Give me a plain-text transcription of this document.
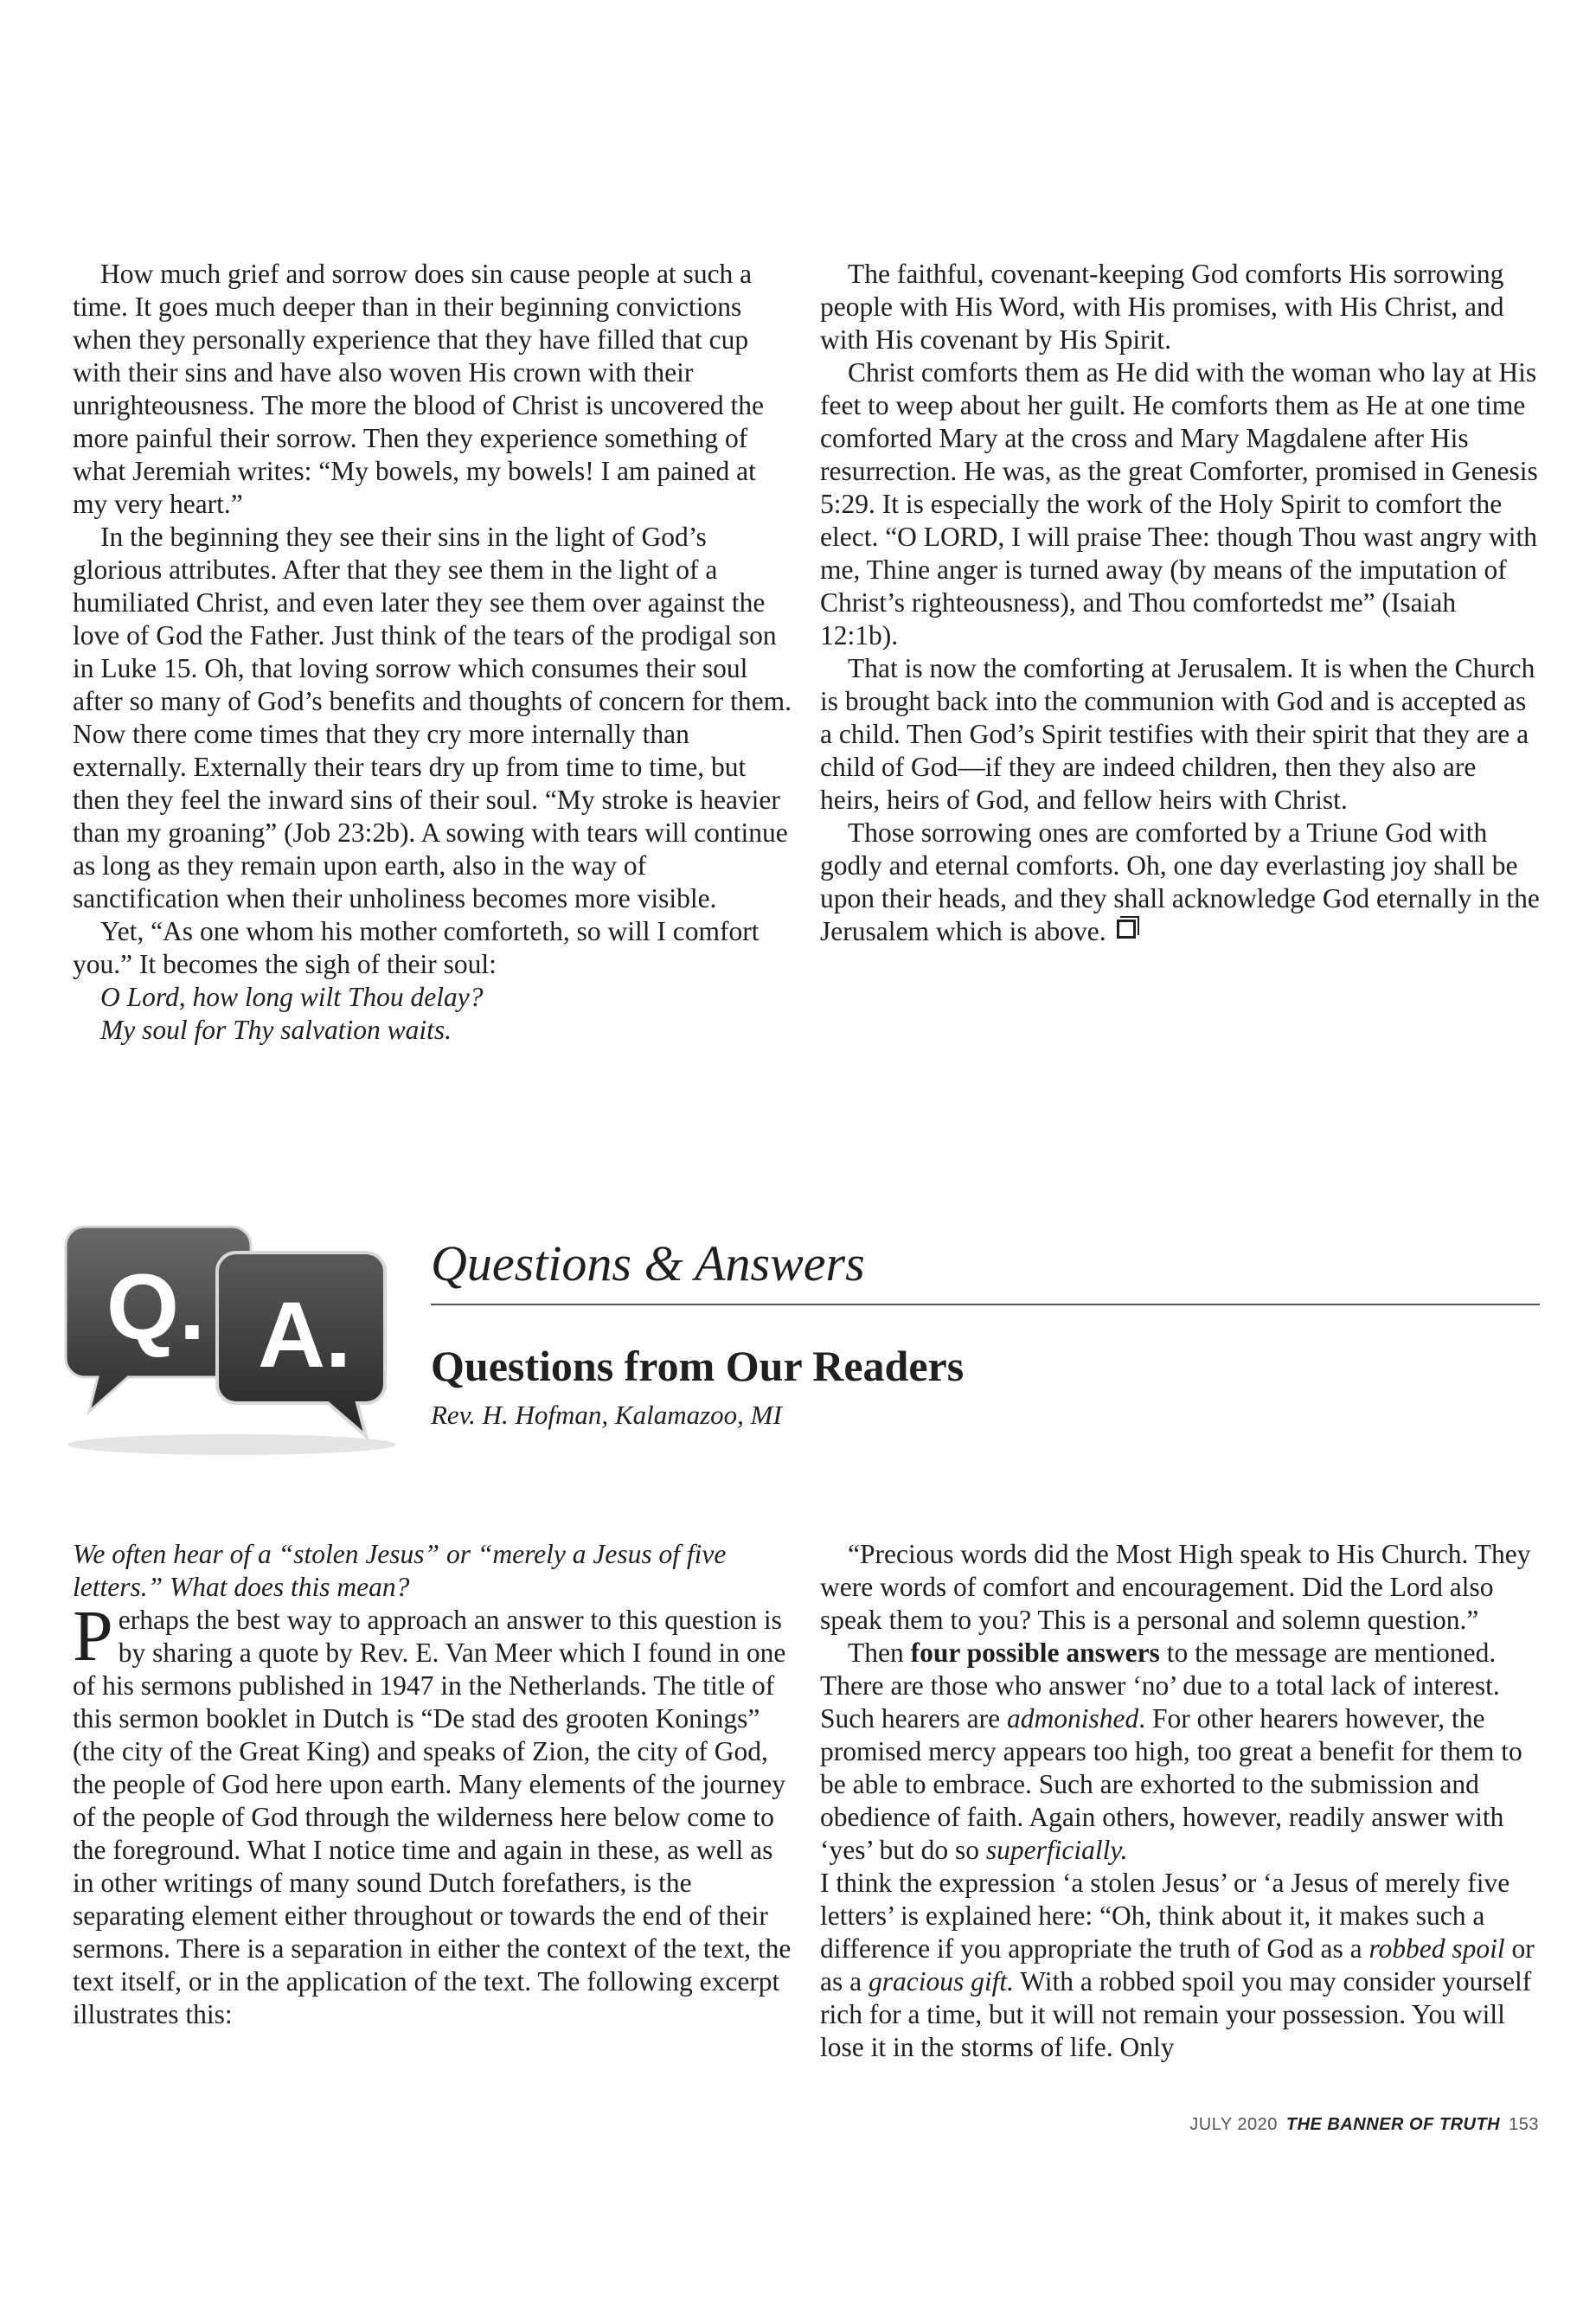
How much grief and sorrow does sin cause people at such a time. It goes much deeper than in their beginning convictions when they personally experience that they have filled that cup with their sins and have also woven His crown with their unrighteousness. The more the blood of Christ is uncovered the more painful their sorrow. Then they experience something of what Jeremiah writes: “My bowels, my bowels! I am pained at my very heart.”

In the beginning they see their sins in the light of God’s glorious attributes. After that they see them in the light of a humiliated Christ, and even later they see them over against the love of God the Father. Just think of the tears of the prodigal son in Luke 15. Oh, that loving sorrow which consumes their soul after so many of God’s benefits and thoughts of concern for them. Now there come times that they cry more internally than externally. Externally their tears dry up from time to time, but then they feel the inward sins of their soul. “My stroke is heavier than my groaning” (Job 23:2b). A sowing with tears will continue as long as they remain upon earth, also in the way of sanctification when their unholiness becomes more visible.

Yet, “As one whom his mother comforteth, so will I comfort you.” It becomes the sigh of their soul:

O Lord, how long wilt Thou delay?

My soul for Thy salvation waits.

The faithful, covenant-keeping God comforts His sorrowing people with His Word, with His promises, with His Christ, and with His covenant by His Spirit.

Christ comforts them as He did with the woman who lay at His feet to weep about her guilt. He comforts them as He at one time comforted Mary at the cross and Mary Magdalene after His resurrection. He was, as the great Comforter, promised in Genesis 5:29. It is especially the work of the Holy Spirit to comfort the elect. “O LORD, I will praise Thee: though Thou wast angry with me, Thine anger is turned away (by means of the imputation of Christ’s righteousness), and Thou comfortedst me” (Isaiah 12:1b).

That is now the comforting at Jerusalem. It is when the Church is brought back into the communion with God and is accepted as a child. Then God’s Spirit testifies with their spirit that they are a child of God—if they are indeed children, then they also are heirs, heirs of God, and fellow heirs with Christ.

Those sorrowing ones are comforted by a Triune God with godly and eternal comforts. Oh, one day everlasting joy shall be upon their heads, and they shall acknowledge God eternally in the Jerusalem which is above.

Q. A.
Questions & Answers
Questions from Our Readers
Rev. H. Hofman, Kalamazoo, MI

We often hear of a “stolen Jesus” or “merely a Jesus of five letters.” What does this mean?

Perhaps the best way to approach an answer to this question is by sharing a quote by Rev. E. Van Meer which I found in one of his sermons published in 1947 in the Netherlands. The title of this sermon booklet in Dutch is “De stad des grooten Konings” (the city of the Great King) and speaks of Zion, the city of God, the people of God here upon earth. Many elements of the journey of the people of God through the wilderness here below come to the foreground. What I notice time and again in these, as well as in other writings of many sound Dutch forefathers, is the separating element either throughout or towards the end of their sermons. There is a separation in either the context of the text, the text itself, or in the application of the text. The following excerpt illustrates this:

“Precious words did the Most High speak to His Church. They were words of comfort and encouragement. Did the Lord also speak them to you? This is a personal and solemn question.”

Then four possible answers to the message are mentioned. There are those who answer ‘no’ due to a total lack of interest. Such hearers are admonished. For other hearers however, the promised mercy appears too high, too great a benefit for them to be able to embrace. Such are exhorted to the submission and obedience of faith. Again others, however, readily answer with ‘yes’ but do so superficially.

I think the expression ‘a stolen Jesus’ or ‘a Jesus of merely five letters’ is explained here: “Oh, think about it, it makes such a difference if you appropriate the truth of God as a robbed spoil or as a gracious gift. With a robbed spoil you may consider yourself rich for a time, but it will not remain your possession. You will lose it in the storms of life. Only

JULY 2020 THE BANNER OF TRUTH 153
